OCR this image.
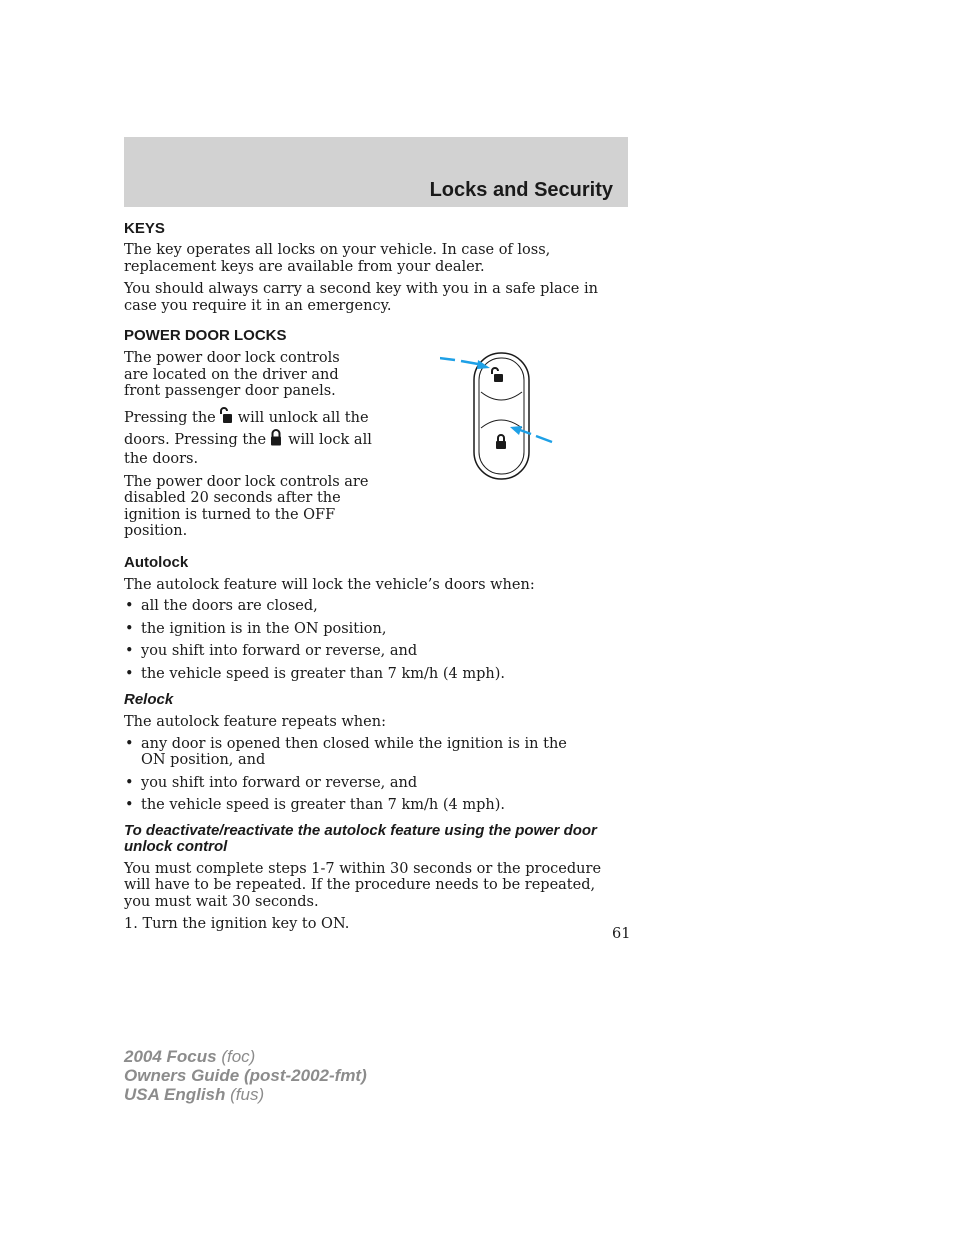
Locks and Security
KEYS

The key operates all locks on your vehicle. In case of loss, replacement keys are available from your dealer.

You should always carry a second key with you in a safe place in case you require it in an emergency.

POWER DOOR LOCKS

The power door lock controls are located on the driver and front passenger door panels.

Pressing the will unlock all the doors. Pressing the will lock all the doors.

The power door lock controls are disabled 20 seconds after the ignition is turned to the OFF position.

Autolock

The autolock feature will lock the vehicle’s doors when:

• all the doors are closed,
• the ignition is in the ON position,
• you shift into forward or reverse, and
• the vehicle speed is greater than 7 km/h (4 mph).
Relock

The autolock feature repeats when:

• any door is opened then closed while the ignition is in the ON position, and
• you shift into forward or reverse, and
• the vehicle speed is greater than 7 km/h (4 mph).
To deactivate/reactivate the autolock feature using the power door unlock control

You must complete steps 1-7 within 30 seconds or the procedure will have to be repeated. If the procedure needs to be repeated, you must wait 30 seconds.

1. Turn the ignition key to ON.

61
2004 Focus (foc)
Owners Guide (post-2002-fmt)
USA English (fus)
